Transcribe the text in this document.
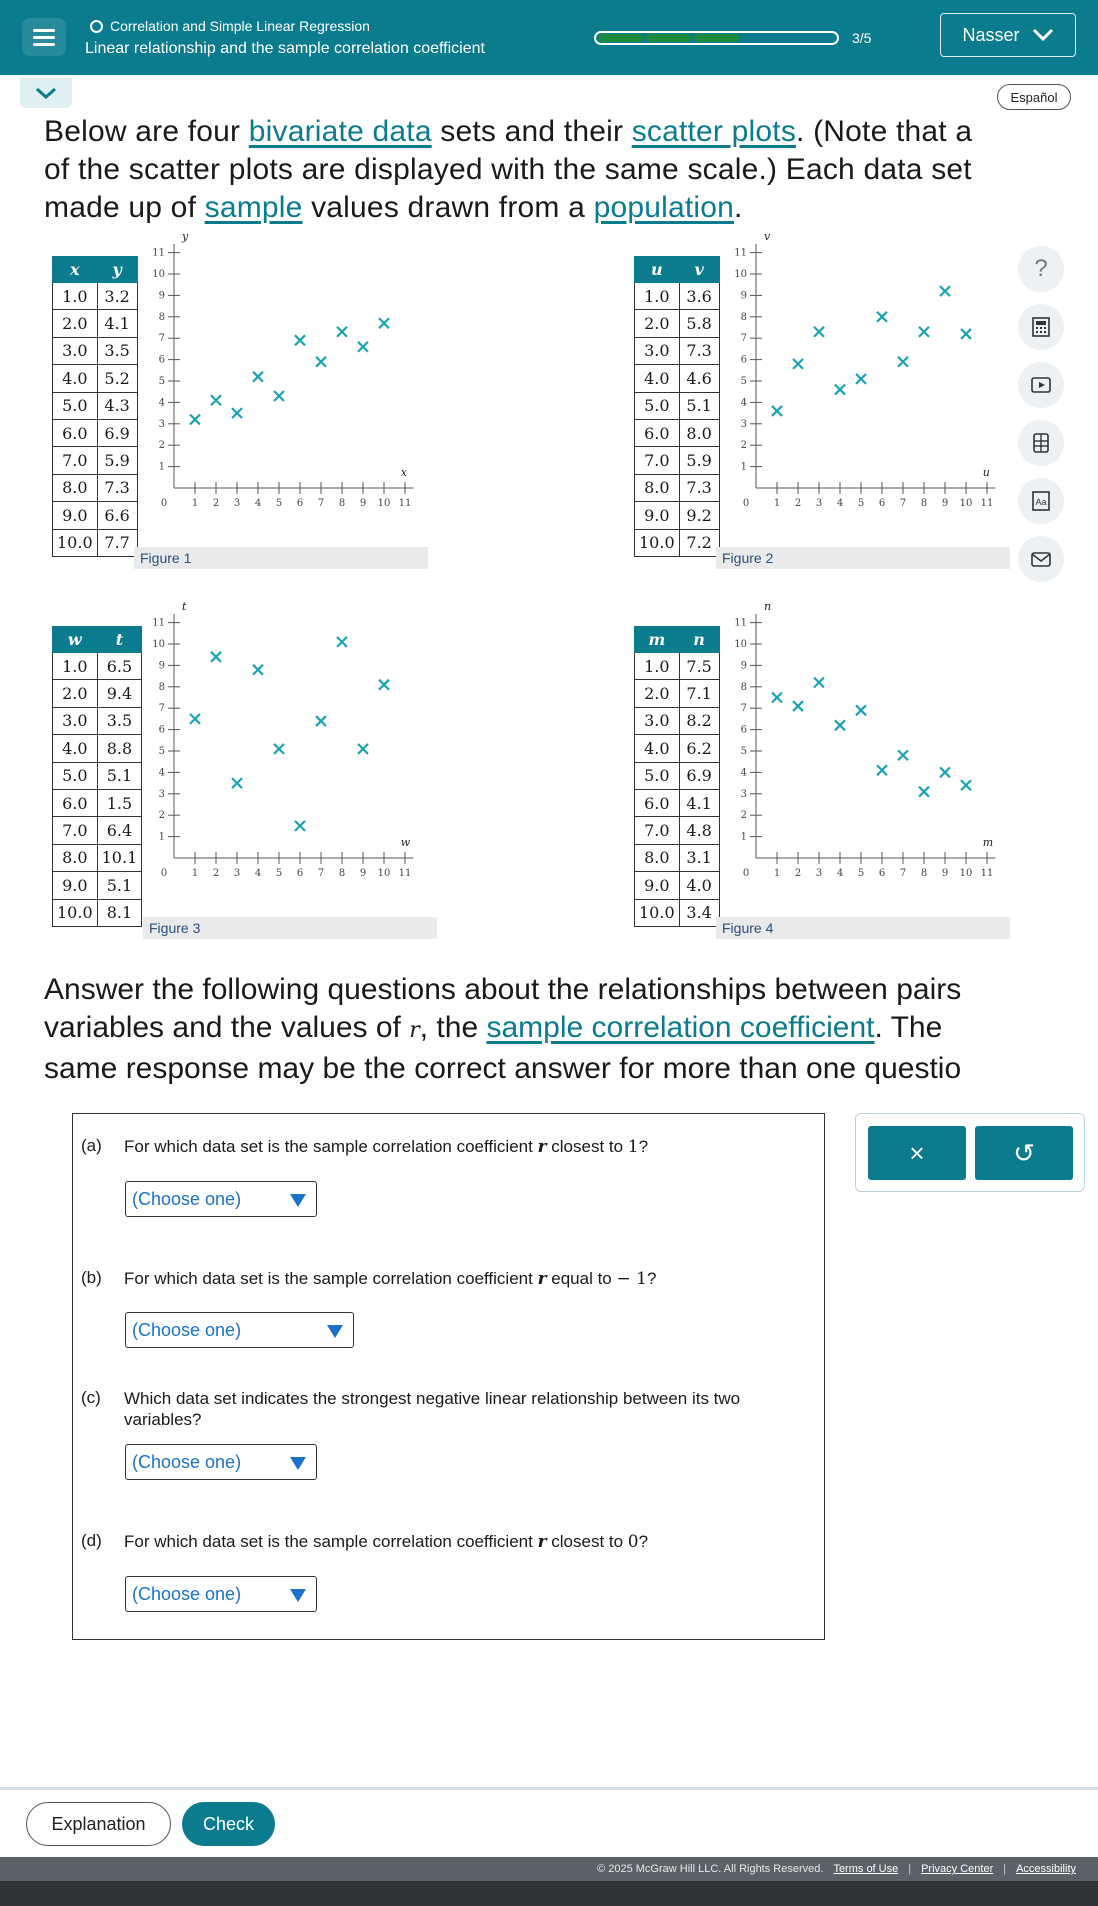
Correlation and Simple Linear Regression
Linear relationship and the sample correlation coefficient
3/5	Nasser
Español
Below are four bivariate data sets and their scatter plots. (Note that a
of the scatter plots are displayed with the same scale.) Each data set
made up of sample values drawn from a population.
x	y
1.0	3.2
2.0	4.1
3.0	3.5
4.0	5.2
5.0	4.3
6.0	6.9
7.0	5.9
8.0	7.3
9.0	6.6
10.0	7.7
1
1
2
2
3
3
4
4
5
5
6
6
7
7
8
8
9
9
10
10
11
11
0
x
y
Figure 1
u	v
1.0	3.6
2.0	5.8
3.0	7.3
4.0	4.6
5.0	5.1
6.0	8.0
7.0	5.9
8.0	7.3
9.0	9.2
10.0	7.2
1
1
2
2
3
3
4
4
5
5
6
6
7
7
8
8
9
9
10
10
11
11
0
u
v
Figure 2
w	t
1.0	6.5
2.0	9.4
3.0	3.5
4.0	8.8
5.0	5.1
6.0	1.5
7.0	6.4
8.0	10.1
9.0	5.1
10.0	8.1
1
1
2
2
3
3
4
4
5
5
6
6
7
7
8
8
9
9
10
10
11
11
0
w
t
Figure 3
m	n
1.0	7.5
2.0	7.1
3.0	8.2
4.0	6.2
5.0	6.9
6.0	4.1
7.0	4.8
8.0	3.1
9.0	4.0
10.0	3.4
1
1
2
2
3
3
4
4
5
5
6
6
7
7
8
8
9
9
10
10
11
11
0
m
n
Figure 4
?
Aa
Answer the following questions about the relationships between pairs
variables and the values of r, the sample correlation coefficient. The
same response may be the correct answer for more than one questio
(a) For which data set is the sample correlation coefficient r closest to 1?
(Choose one)
(b) For which data set is the sample correlation coefficient r equal to − 1?
(Choose one)
(c) Which data set indicates the strongest negative linear relationship between its two variables?
(Choose one)
(d) For which data set is the sample correlation coefficient r closest to 0?
(Choose one)
×	↺
Explanation	Check
© 2025 McGraw Hill LLC. All Rights Reserved. Terms of Use | Privacy Center | Accessibility
